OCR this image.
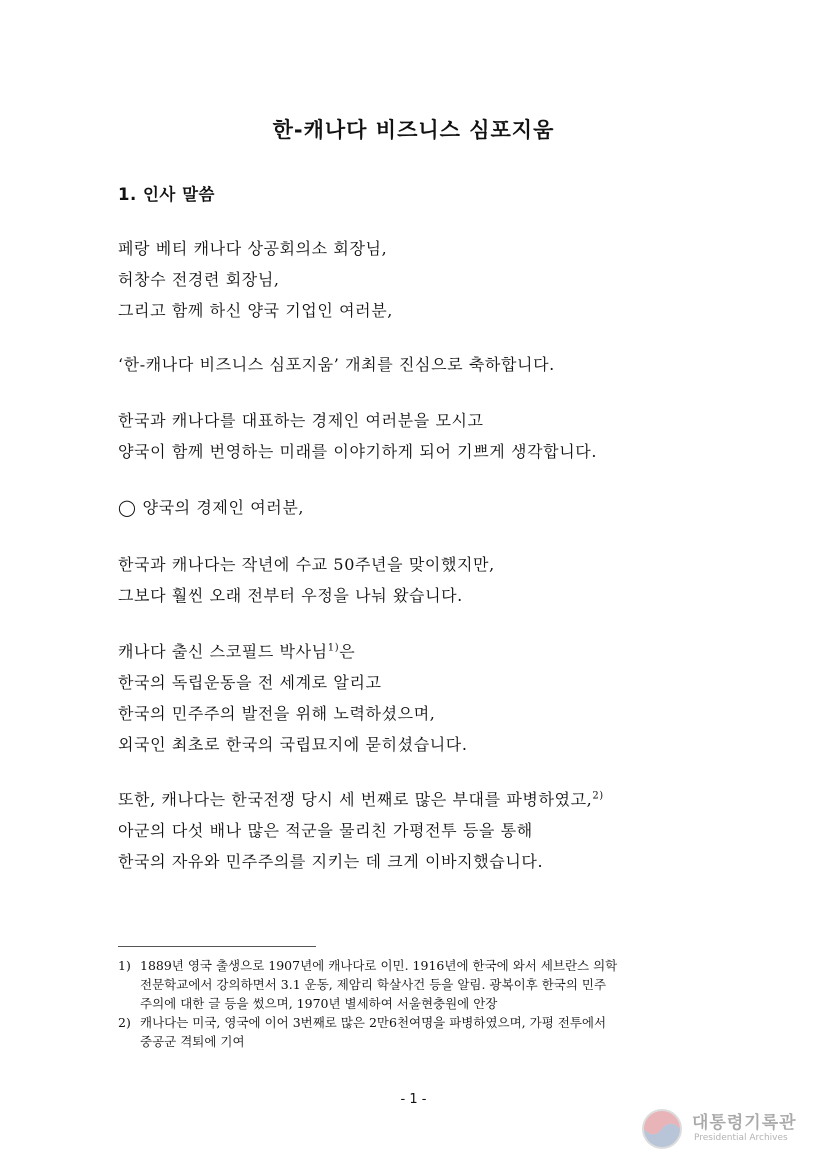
한-캐나다 비즈니스 심포지움
1. 인사 말씀
페랑 베티 캐나다 상공회의소 회장님,
허창수 전경련 회장님,
그리고 함께 하신 양국 기업인 여러분,
‘한-캐나다 비즈니스 심포지움’ 개최를 진심으로 축하합니다.
한국과 캐나다를 대표하는 경제인 여러분을 모시고
양국이 함께 번영하는 미래를 이야기하게 되어 기쁘게 생각합니다.
◯ 양국의 경제인 여러분,
한국과 캐나다는 작년에 수교 50주년을 맞이했지만,
그보다 훨씬 오래 전부터 우정을 나눠 왔습니다.
캐나다 출신 스코필드 박사님$^{1)}$은
한국의 독립운동을 전 세계로 알리고
한국의 민주주의 발전을 위해 노력하셨으며,
외국인 최초로 한국의 국립묘지에 묻히셨습니다.
또한, 캐나다는 한국전쟁 당시 세 번째로 많은 부대를 파병하였고,$^{2)}$
아군의 다섯 배나 많은 적군을 물리친 가평전투 등을 통해
한국의 자유와 민주주의를 지키는 데 크게 이바지했습니다.
1) 1889년 영국 출생으로 1907년에 캐나다로 이민. 1916년에 한국에 와서 세브란스 의학
전문학교에서 강의하면서 3.1 운동, 제암리 학살사건 등을 알림. 광복이후 한국의 민주
주의에 대한 글 등을 썼으며, 1970년 별세하여 서울현충원에 안장
2) 캐나다는 미국, 영국에 이어 3번째로 많은 2만6천여명을 파병하였으며, 가평 전투에서
중공군 격퇴에 기여
- 1 -
대통령기록관
Presidential Archives
